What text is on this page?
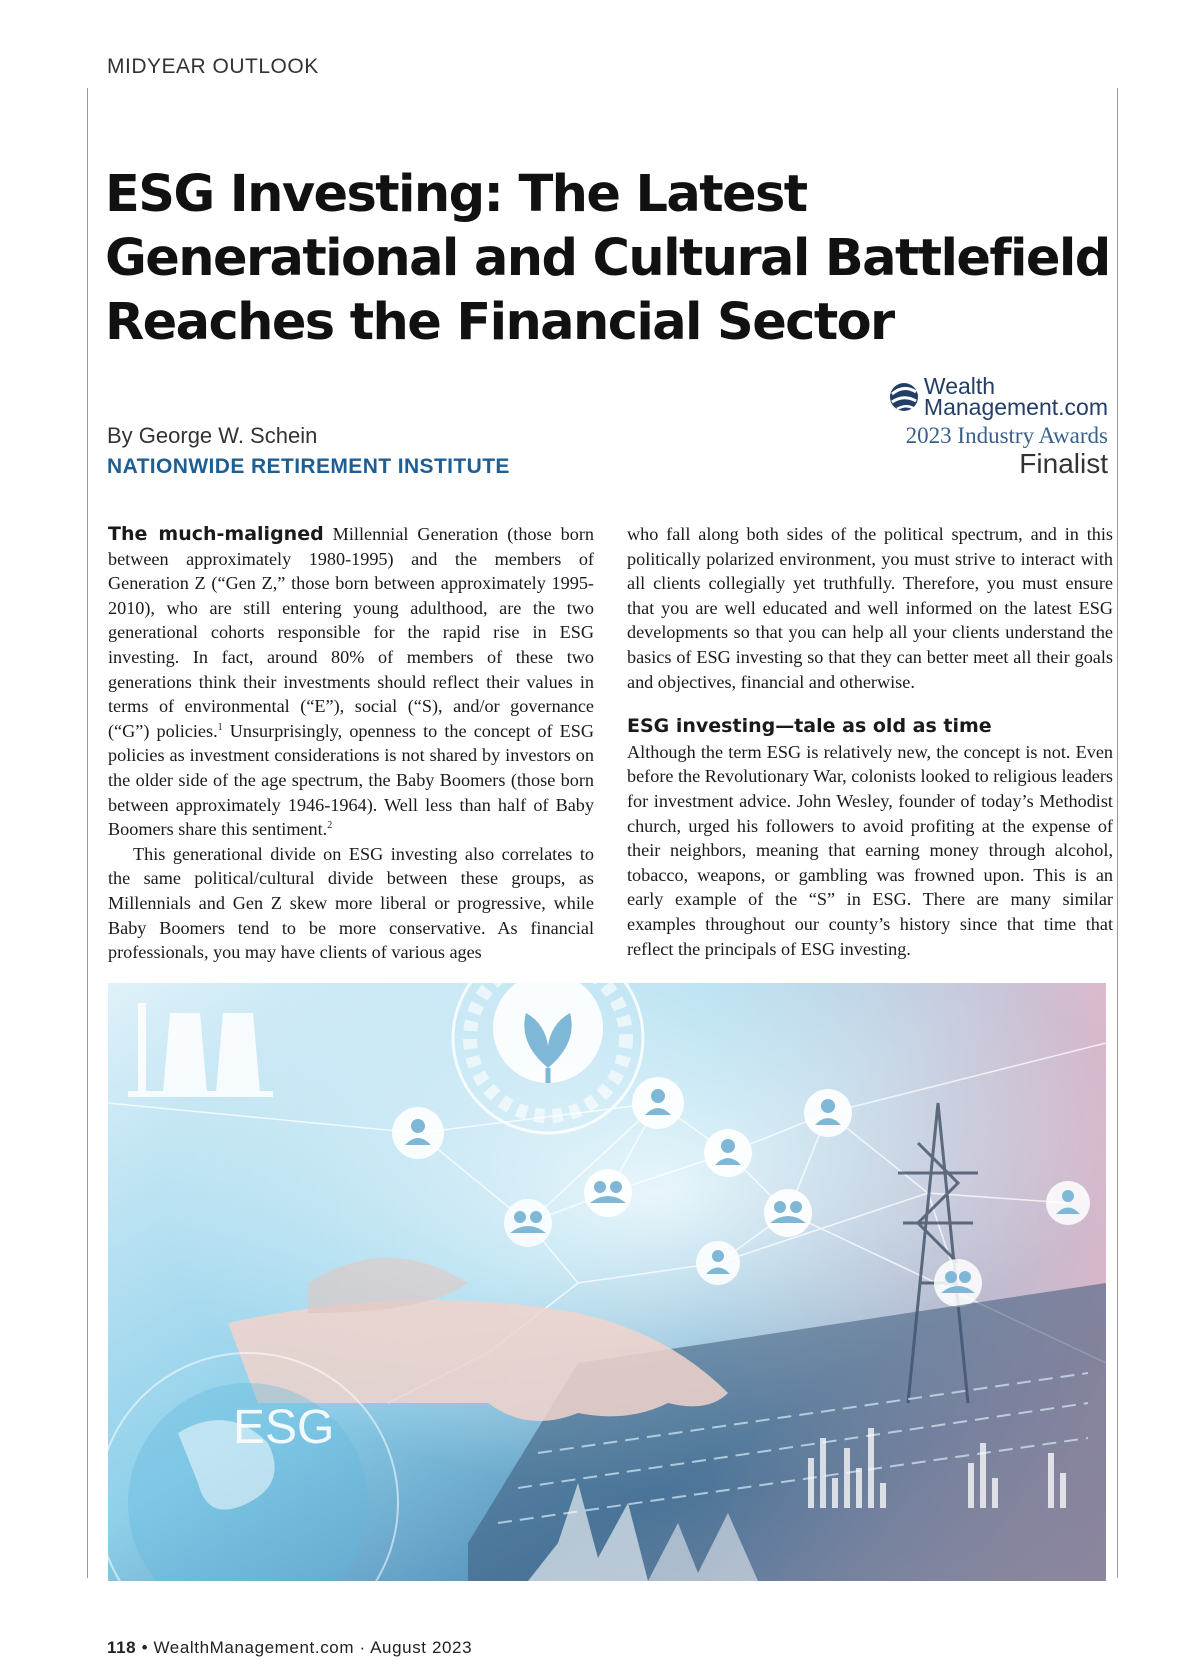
MIDYEAR OUTLOOK
ESG Investing: The Latest
Generational and Cultural Battlefield
Reaches the Financial Sector
By George W. Schein
NATIONWIDE RETIREMENT INSTITUTE
Wealth
Management.com
2023 Industry Awards
Finalist

The much-maligned Millennial Generation (those born between approximately 1980-1995) and the members of Generation Z (“Gen Z,” those born between approximately 1995-2010), who are still entering young adulthood, are the two generational cohorts responsible for the rapid rise in ESG investing. In fact, around 80% of members of these two generations think their investments should reflect their values in terms of environmental (“E”), social (“S), and/or governance (“G”) policies.$^1$ Unsurprisingly, openness to the concept of ESG policies as investment considerations is not shared by investors on the older side of the age spectrum, the Baby Boomers (those born between approximately 1946-1964). Well less than half of Baby Boomers share this sentiment.$^2$

This generational divide on ESG investing also correlates to the same political/cultural divide between these groups, as Millennials and Gen Z skew more liberal or progressive, while Baby Boomers tend to be more conservative. As financial professionals, you may have clients of various ages

who fall along both sides of the political spectrum, and in this politically polarized environment, you must strive to interact with all clients collegially yet truthfully. Therefore, you must ensure that you are well educated and well informed on the latest ESG developments so that you can help all your clients understand the basics of ESG investing so that they can better meet all their goals and objectives, financial and otherwise.

ESG investing—tale as old as time

Although the term ESG is relatively new, the concept is not. Even before the Revolutionary War, colonists looked to religious leaders for investment advice. John Wesley, founder of today’s Methodist church, urged his followers to avoid profiting at the expense of their neighbors, meaning that earning money through alcohol, tobacco, weapons, or gambling was frowned upon. This is an early example of the “S” in ESG. There are many similar examples throughout our county’s history since that time that reflect the principals of ESG investing.

ESG
118 • WealthManagement.com · August 2023
